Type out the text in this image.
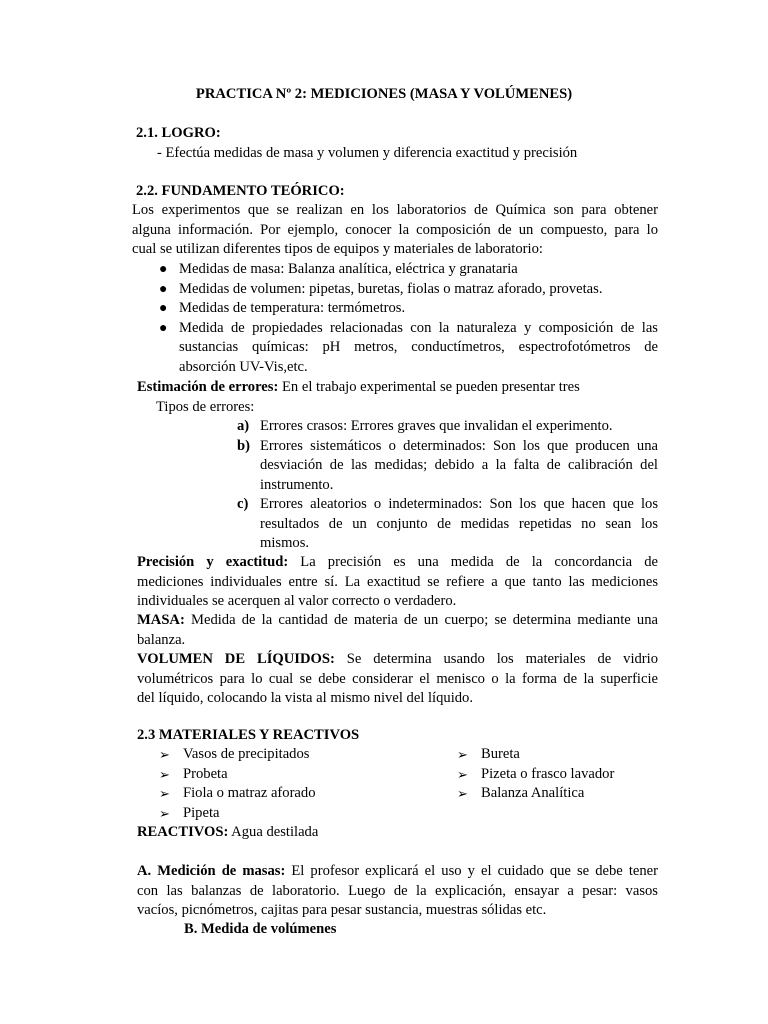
PRACTICA Nº 2: MEDICIONES (MASA Y VOLÚMENES)
2.1. LOGRO:
- Efectúa medidas de masa y volumen y diferencia exactitud y precisión
2.2. FUNDAMENTO TEÓRICO:
Los experimentos que se realizan en los laboratorios de Química son para obtener
alguna información. Por ejemplo, conocer la composición de un compuesto, para lo
cual se utilizan diferentes tipos de equipos y materiales de laboratorio:
● Medidas de masa: Balanza analítica, eléctrica y granataria
● Medidas de volumen: pipetas, buretas, fiolas o matraz aforado, provetas.
● Medidas de temperatura: termómetros.
● Medida de propiedades relacionadas con la naturaleza y composición de las
sustancias químicas: pH metros, conductímetros, espectrofotómetros de
absorción UV-Vis,etc.
Estimación de errores: En el trabajo experimental se pueden presentar tres
Tipos de errores:
a) Errores crasos: Errores graves que invalidan el experimento.
b) Errores sistemáticos o determinados: Son los que producen una
desviación de las medidas; debido a la falta de calibración del
instrumento.
c) Errores aleatorios o indeterminados: Son los que hacen que los
resultados de un conjunto de medidas repetidas no sean los
mismos.
Precisión y exactitud: La precisión es una medida de la concordancia de
mediciones individuales entre sí. La exactitud se refiere a que tanto las mediciones
individuales se acerquen al valor correcto o verdadero.
MASA: Medida de la cantidad de materia de un cuerpo; se determina mediante una
balanza.
VOLUMEN DE LÍQUIDOS: Se determina usando los materiales de vidrio
volumétricos para lo cual se debe considerar el menisco o la forma de la superficie
del líquido, colocando la vista al mismo nivel del líquido.
2.3 MATERIALES Y REACTIVOS
➢ Vasos de precipitados
➢ Probeta
➢ Fiola o matraz aforado
➢ Pipeta
➢ Bureta
➢ Pizeta o frasco lavador
➢ Balanza Analítica
REACTIVOS: Agua destilada
A. Medición de masas: El profesor explicará el uso y el cuidado que se debe tener
con las balanzas de laboratorio. Luego de la explicación, ensayar a pesar: vasos
vacíos, picnómetros, cajitas para pesar sustancia, muestras sólidas etc.
B. Medida de volúmenes
